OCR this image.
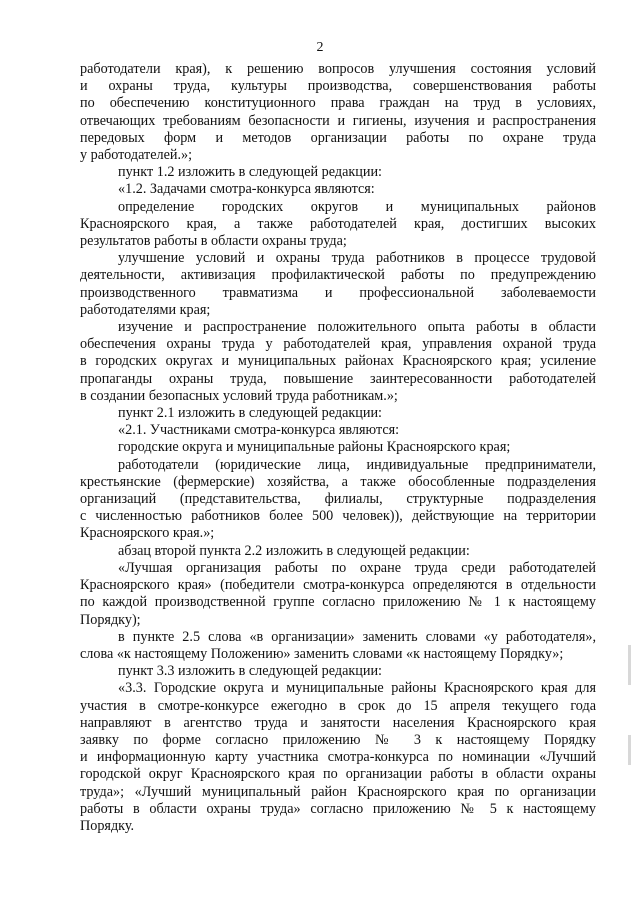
2

работодатели края), к решению вопросов улучшения состояния условий

и охраны труда, культуры производства, совершенствования работы

по обеспечению конституционного права граждан на труд в условиях,

отвечающих требованиям безопасности и гигиены, изучения и распространения

передовых форм и методов организации работы по охране труда

у работодателей.»;

пункт 1.2 изложить в следующей редакции:

«1.2. Задачами смотра-конкурса являются:

определение городских округов и муниципальных районов

Красноярского края, а также работодателей края, достигших высоких

результатов работы в области охраны труда;

улучшение условий и охраны труда работников в процессе трудовой

деятельности, активизация профилактической работы по предупреждению

производственного травматизма и профессиональной заболеваемости

работодателями края;

изучение и распространение положительного опыта работы в области

обеспечения охраны труда у работодателей края, управления охраной труда

в городских округах и муниципальных районах Красноярского края; усиление

пропаганды охраны труда, повышение заинтересованности работодателей

в создании безопасных условий труда работникам.»;

пункт 2.1 изложить в следующей редакции:

«2.1. Участниками смотра-конкурса являются:

городские округа и муниципальные районы Красноярского края;

работодатели (юридические лица, индивидуальные предприниматели,

крестьянские (фермерские) хозяйства, а также обособленные подразделения

организаций (представительства, филиалы, структурные подразделения

с численностью работников более 500 человек)), действующие на территории

Красноярского края.»;

абзац второй пункта 2.2 изложить в следующей редакции:

«Лучшая организация работы по охране труда среди работодателей

Красноярского края» (победители смотра-конкурса определяются в отдельности

по каждой производственной группе согласно приложению № 1 к настоящему

Порядку);

в пункте 2.5 слова «в организации» заменить словами «у работодателя»,

слова «к настоящему Положению» заменить словами «к настоящему Порядку»;

пункт 3.3 изложить в следующей редакции:

«3.3. Городские округа и муниципальные районы Красноярского края для

участия в смотре-конкурсе ежегодно в срок до 15 апреля текущего года

направляют в агентство труда и занятости населения Красноярского края

заявку по форме согласно приложению № 3 к настоящему Порядку

и информационную карту участника смотра-конкурса по номинации «Лучший

городской округ Красноярского края по организации работы в области охраны

труда»; «Лучший муниципальный район Красноярского края по организации

работы в области охраны труда» согласно приложению № 5 к настоящему

Порядку.
